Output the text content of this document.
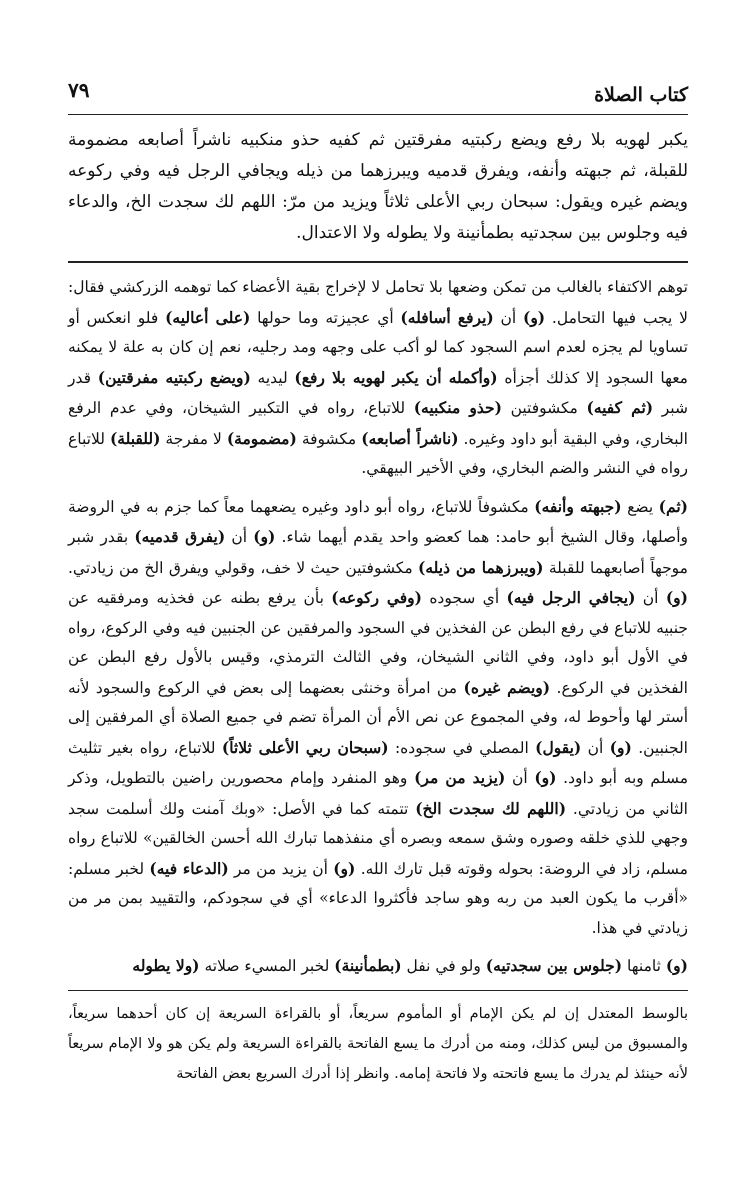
كتاب الصلاة
٧٩

يكبر لهويه بلا رفع ويضع ركبتيه مفرقتين ثم كفيه حذو منكبيه ناشراً أصابعه مضمومة للقبلة، ثم جبهته وأنفه، ويفرق قدميه ويبرزهما من ذيله ويجافي الرجل فيه وفي ركوعه ويضم غيره ويقول: سبحان ربي الأعلى ثلاثاً ويزيد من مرّ: اللهم لك سجدت الخ، والدعاء فيه وجلوس بين سجدتيه بطمأنينة ولا يطوله ولا الاعتدال.

توهم الاكتفاء بالغالب من تمكن وضعها بلا تحامل لا لإخراج بقية الأعضاء كما توهمه الزركشي فقال: لا يجب فيها التحامل. (و) أن (يرفع أسافله) أي عجيزته وما حولها (على أعاليه) فلو انعكس أو تساويا لم يجزه لعدم اسم السجود كما لو أكب على وجهه ومد رجليه، نعم إن كان به علة لا يمكنه معها السجود إلا كذلك أجزأه (وأكمله أن يكبر لهويه بلا رفع) ليديه (ويضع ركبتيه مفرقتين) قدر شبر (ثم كفيه) مكشوفتين (حذو منكبيه) للاتباع، رواه في التكبير الشيخان، وفي عدم الرفع البخاري، وفي البقية أبو داود وغيره. (ناشراً أصابعه) مكشوفة (مضمومة) لا مفرجة (للقبلة) للاتباع رواه في النشر والضم البخاري، وفي الأخير البيهقي.

(ثم) يضع (جبهته وأنفه) مكشوفاً للاتباع، رواه أبو داود وغيره يضعهما معاً كما جزم به في الروضة وأصلها، وقال الشيخ أبو حامد: هما كعضو واحد يقدم أيهما شاء. (و) أن (يفرق قدميه) بقدر شبر موجهاً أصابعهما للقبلة (ويبرزهما من ذيله) مكشوفتين حيث لا خف، وقولي ويفرق الخ من زيادتي. (و) أن (يجافي الرجل فيه) أي سجوده (وفي ركوعه) بأن يرفع بطنه عن فخذيه ومرفقيه عن جنبيه للاتباع في رفع البطن عن الفخذين في السجود والمرفقين عن الجنبين فيه وفي الركوع، رواه في الأول أبو داود، وفي الثاني الشيخان، وفي الثالث الترمذي، وقيس بالأول رفع البطن عن الفخذين في الركوع. (ويضم غيره) من امرأة وخنثى بعضهما إلى بعض في الركوع والسجود لأنه أستر لها وأحوط له، وفي المجموع عن نص الأم أن المرأة تضم في جميع الصلاة أي المرفقين إلى الجنبين. (و) أن (يقول) المصلي في سجوده: (سبحان ربي الأعلى ثلاثاً) للاتباع، رواه بغير تثليث مسلم وبه أبو داود. (و) أن (يزيد من مر) وهو المنفرد وإمام محصورين راضين بالتطويل، وذكر الثاني من زيادتي. (اللهم لك سجدت الخ) تتمته كما في الأصل: «وبك آمنت ولك أسلمت سجد وجهي للذي خلقه وصوره وشق سمعه وبصره أي منفذهما تبارك الله أحسن الخالقين» للاتباع رواه مسلم، زاد في الروضة: بحوله وقوته قبل تارك الله. (و) أن يزيد من مر (الدعاء فيه) لخبر مسلم: «أقرب ما يكون العبد من ربه وهو ساجد فأكثروا الدعاء» أي في سجودكم، والتقييد بمن مر من زيادتي في هذا.

(و) ثامنها (جلوس بين سجدتيه) ولو في نفل (بطمأنينة) لخبر المسيء صلاته (ولا يطوله

بالوسط المعتدل إن لم يكن الإمام أو المأموم سريعاً، أو بالقراءة السريعة إن كان أحدهما سريعاً، والمسبوق من ليس كذلك، ومنه من أدرك ما يسع الفاتحة بالقراءة السريعة ولم يكن هو ولا الإمام سريعاً لأنه حينئذ لم يدرك ما يسع فاتحته ولا فاتحة إمامه. وانظر إذا أدرك السريع بعض الفاتحة
